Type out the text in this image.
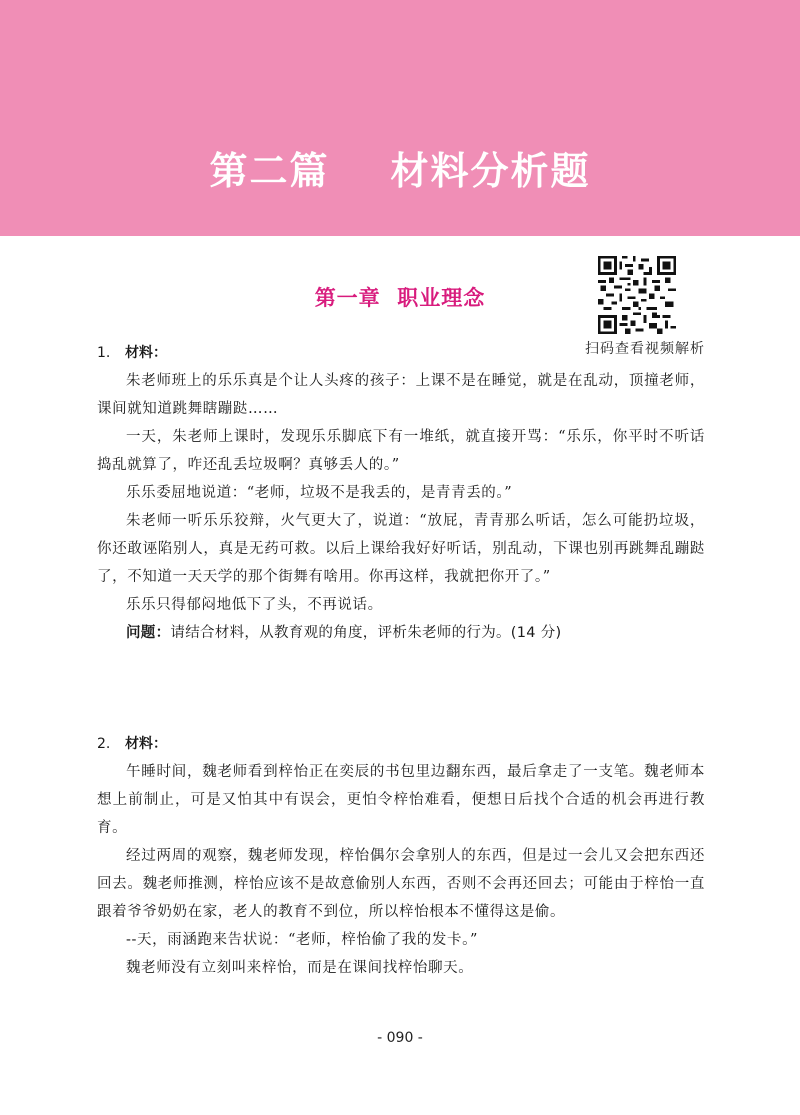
第二篇    材料分析题
第一章  职业理念
扫码查看视频解析

1. 材料：

朱老师班上的乐乐真是个让人头疼的孩子：上课不是在睡觉，就是在乱动，顶撞老师，课间就知道跳舞瞎蹦跶……

一天，朱老师上课时，发现乐乐脚底下有一堆纸，就直接开骂：“乐乐，你平时不听话捣乱就算了，咋还乱丢垃圾啊？真够丢人的。”

乐乐委屈地说道：“老师，垃圾不是我丢的，是青青丢的。”

朱老师一听乐乐狡辩，火气更大了，说道：“放屁，青青那么听话，怎么可能扔垃圾，你还敢诬陷别人，真是无药可救。以后上课给我好好听话，别乱动，下课也别再跳舞乱蹦跶了，不知道一天天学的那个街舞有啥用。你再这样，我就把你开了。”

乐乐只得郁闷地低下了头，不再说话。

问题：请结合材料，从教育观的角度，评析朱老师的行为。(14 分)

2. 材料：

午睡时间，魏老师看到梓怡正在奕辰的书包里边翻东西，最后拿走了一支笔。魏老师本想上前制止，可是又怕其中有误会，更怕令梓怡难看，便想日后找个合适的机会再进行教育。

经过两周的观察，魏老师发现，梓怡偶尔会拿别人的东西，但是过一会儿又会把东西还回去。魏老师推测，梓怡应该不是故意偷别人东西，否则不会再还回去；可能由于梓怡一直跟着爷爷奶奶在家，老人的教育不到位，所以梓怡根本不懂得这是偷。

--天，雨涵跑来告状说：“老师，梓怡偷了我的发卡。”

魏老师没有立刻叫来梓怡，而是在课间找梓怡聊天。

- 090 -
